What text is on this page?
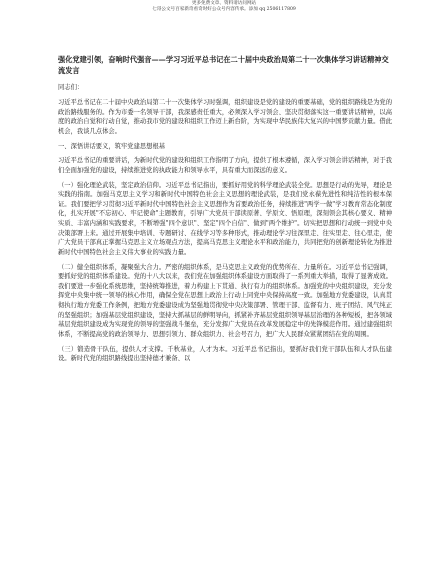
更多免费文章、资料请访问网站
七哥公文号百家新奇看奇时好公众号内容传承。添加 qq 2506117809
强化党建引领，奋响时代强音——学习习近平总书记在二十届中央政治局第二十一次集体学习讲话精神交流发言
同志们：
习近平总书记在二十届中央政治局第二十一次集体学习时强调，组织建设是党的建设的重要基础，党的组织路线是为党的政治路线服务的。作为市委一名领导干部，我深感责任重大，必须深入学习领会、坚决贯彻落实这一重要讲话精神，以高度的政治自觉和行动自觉，推动我市党的建设和组织工作迈上新台阶，为实现中华民族伟大复兴的中国梦贡献力量。借此机会，我谈几点体会。
一、深悟讲话要义，筑牢党建思想根基
习近平总书记的重要讲话，为新时代党的建设和组织工作指明了方向，提供了根本遵循，深入学习领会讲话精神，对于我们全面加强党的建设，持续推进党的执政能力和领导水平，具有重大而深远的意义。
（一）强化理论武装，坚定政治信仰。习近平总书记指出，要抓好用党的科学理论武装全党。思想是行动的先导，理论是实践的指南。加强马克思主义学习和新时代中国特色社会主义思想的理论武装，是我们党永葆先进性和纯洁性的根本保证。我们要把学习贯彻习近平新时代中国特色社会主义思想作为首要政治任务，持续推进"两学一做"学习教育常态化制度化，扎实开展"不忘初心、牢记使命"主题教育，引导广大党员干部读原著、学原文、悟原理，深刻领会其核心要义、精神实质、丰富内涵和实践要求，不断增强"四个意识"、坚定"四个自信"、做到"两个维护"。切实把思想和行动统一到党中央决策部署上来。通过开展集中培训、专题研讨、在线学习等多种形式，推动理论学习往深里走、往实里走、往心里走，使广大党员干部真正掌握马克思主义立场观点方法，提高马克思主义理论水平和政治能力，共同把党的创新理论转化为推进新时代中国特色社会主义伟大事业的实践力量。
（二）健全组织体系，凝聚强大合力。严密的组织体系，是马克思主义政党的优势所在、力量所在。习近平总书记强调，要抓好党的组织体系建设。党的十八大以来，我们党在加强组织体系建设方面取得了一系列重大举措，取得了显著成效。我们要进一步强化系统思维，坚持统筹推进，着力构建上下贯通、执行有力的组织体系。加强党的中央组织建设，充分发挥党中央集中统一领导的核心作用，确保全党在思想上政治上行动上同党中央保持高度一致。加强地方党委建设，认真贯彻执行地方党委工作条例，把地方党委建设成为坚强地贯彻党中央决策部署、管理干部、监督有力、班子团结、风气纯正的坚强组织；加强基层党组织建设，坚持大抓基层的鲜明导向，抓紧补齐基层党组织领导基层治理的各种短板，把各领域基层党组织建设成为实现党的领导的坚强战斗堡垒，充分发挥广大党员在改革发展稳定中的先锋模范作用。通过建强组织体系，不断提高党的政治领导力、思想引领力、群众组织力、社会号召力，把广大人民群众紧紧团结在党的周围。
（三）锻造骨干队伍，提供人才支撑。千秋基业，人才为本。习近平总书记指出，要抓好我们党干部队伍和人才队伍建设。新时代党的组织路线提出坚持德才兼备、以
